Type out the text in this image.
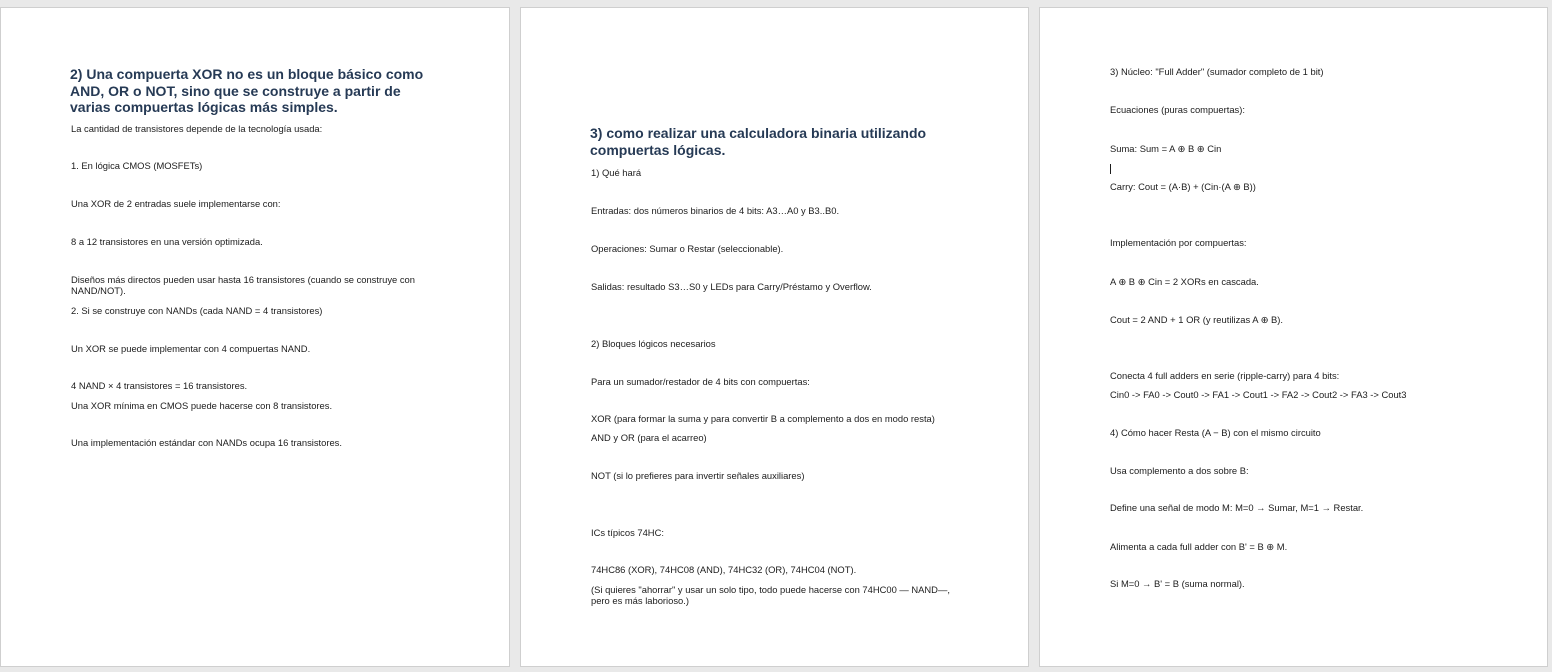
2) Una compuerta XOR no es un bloque básico como AND, OR o NOT, sino que se construye a partir de varias compuertas lógicas más simples.

La cantidad de transistores depende de la tecnología usada:

1. En lógica CMOS (MOSFETs)

Una XOR de 2 entradas suele implementarse con:

8 a 12 transistores en una versión optimizada.

Diseños más directos pueden usar hasta 16 transistores (cuando se construye con NAND/NOT).

2. Si se construye con NANDs (cada NAND = 4 transistores)

Un XOR se puede implementar con 4 compuertas NAND.

4 NAND × 4 transistores = 16 transistores.

Una XOR mínima en CMOS puede hacerse con 8 transistores.

Una implementación estándar con NANDs ocupa 16 transistores.

3) como realizar una calculadora binaria utilizando compuertas lógicas.

1) Qué hará

Entradas: dos números binarios de 4 bits: A3…A0 y B3..B0.

Operaciones: Sumar o Restar (seleccionable).

Salidas: resultado S3…S0 y LEDs para Carry/Préstamo y Overflow.

2) Bloques lógicos necesarios

Para un sumador/restador de 4 bits con compuertas:

XOR (para formar la suma y para convertir B a complemento a dos en modo resta)

AND y OR (para el acarreo)

NOT (si lo prefieres para invertir señales auxiliares)

ICs típicos 74HC:

74HC86 (XOR), 74HC08 (AND), 74HC32 (OR), 74HC04 (NOT).

(Si quieres "ahorrar" y usar un solo tipo, todo puede hacerse con 74HC00 — NAND—, pero es más laborioso.)

3) Núcleo: "Full Adder" (sumador completo de 1 bit)

Ecuaciones (puras compuertas):

Suma: Sum = A ⊕ B ⊕ Cin

Carry: Cout = (A·B) + (Cin·(A ⊕ B))

Implementación por compuertas:

A ⊕ B ⊕ Cin = 2 XORs en cascada.

Cout = 2 AND + 1 OR (y reutilizas A ⊕ B).

Conecta 4 full adders en serie (ripple-carry) para 4 bits:

Cin0 -> FA0 -> Cout0 -> FA1 -> Cout1 -> FA2 -> Cout2 -> FA3 -> Cout3

4) Cómo hacer Resta (A − B) con el mismo circuito

Usa complemento a dos sobre B:

Define una señal de modo M: M=0 → Sumar, M=1 → Restar.

Alimenta a cada full adder con B' = B ⊕ M.

Si M=0 → B' = B (suma normal).
